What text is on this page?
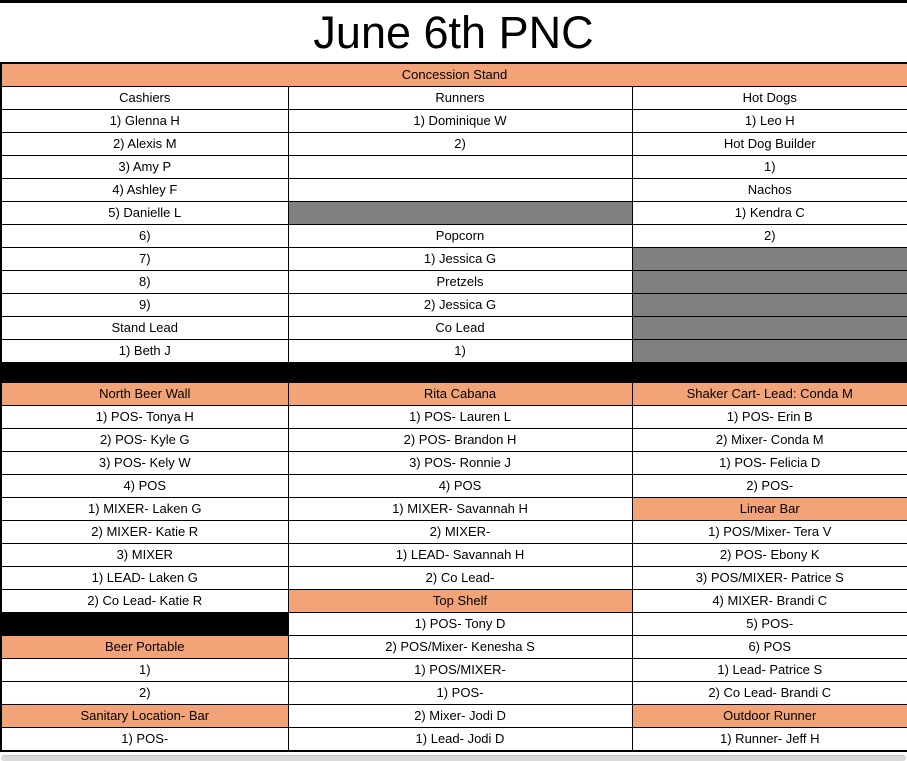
June 6th PNC
Concession Stand		
Cashiers	Runners	Hot Dogs
1) Glenna H	1) Dominique W	1) Leo H
2) Alexis M	2)	Hot Dog Builder
3) Amy P		1)
4) Ashley F		Nachos
5) Danielle L		1) Kendra C
6)	Popcorn	2)
7)	1) Jessica G	
8)	Pretzels	
9)	2) Jessica G	
Stand Lead	Co Lead	
1) Beth J	1)	

North Beer Wall	Rita Cabana	Shaker Cart- Lead: Conda M
1) POS- Tonya H	1) POS- Lauren L	1) POS- Erin B
2) POS- Kyle G	2) POS- Brandon H	2) Mixer- Conda M
3) POS- Kely W	3) POS- Ronnie J	1) POS- Felicia D
4) POS	4) POS	2) POS-
1) MIXER- Laken G	1) MIXER- Savannah H	Linear Bar
2) MIXER- Katie R	2) MIXER-	1) POS/Mixer- Tera V
3) MIXER	1) LEAD- Savannah H	2) POS- Ebony K
1) LEAD- Laken G	2) Co Lead-	3) POS/MIXER- Patrice S
2) Co Lead- Katie R	Top Shelf	4) MIXER- Brandi C
	1) POS- Tony D	5) POS-
Beer Portable	2) POS/Mixer- Kenesha S	6) POS
1)	1) POS/MIXER-	1) Lead- Patrice S
2)	1) POS-	2) Co Lead- Brandi C
Sanitary Location- Bar	2) Mixer- Jodi D	Outdoor Runner
1) POS-	1) Lead- Jodi D	1) Runner- Jeff H
